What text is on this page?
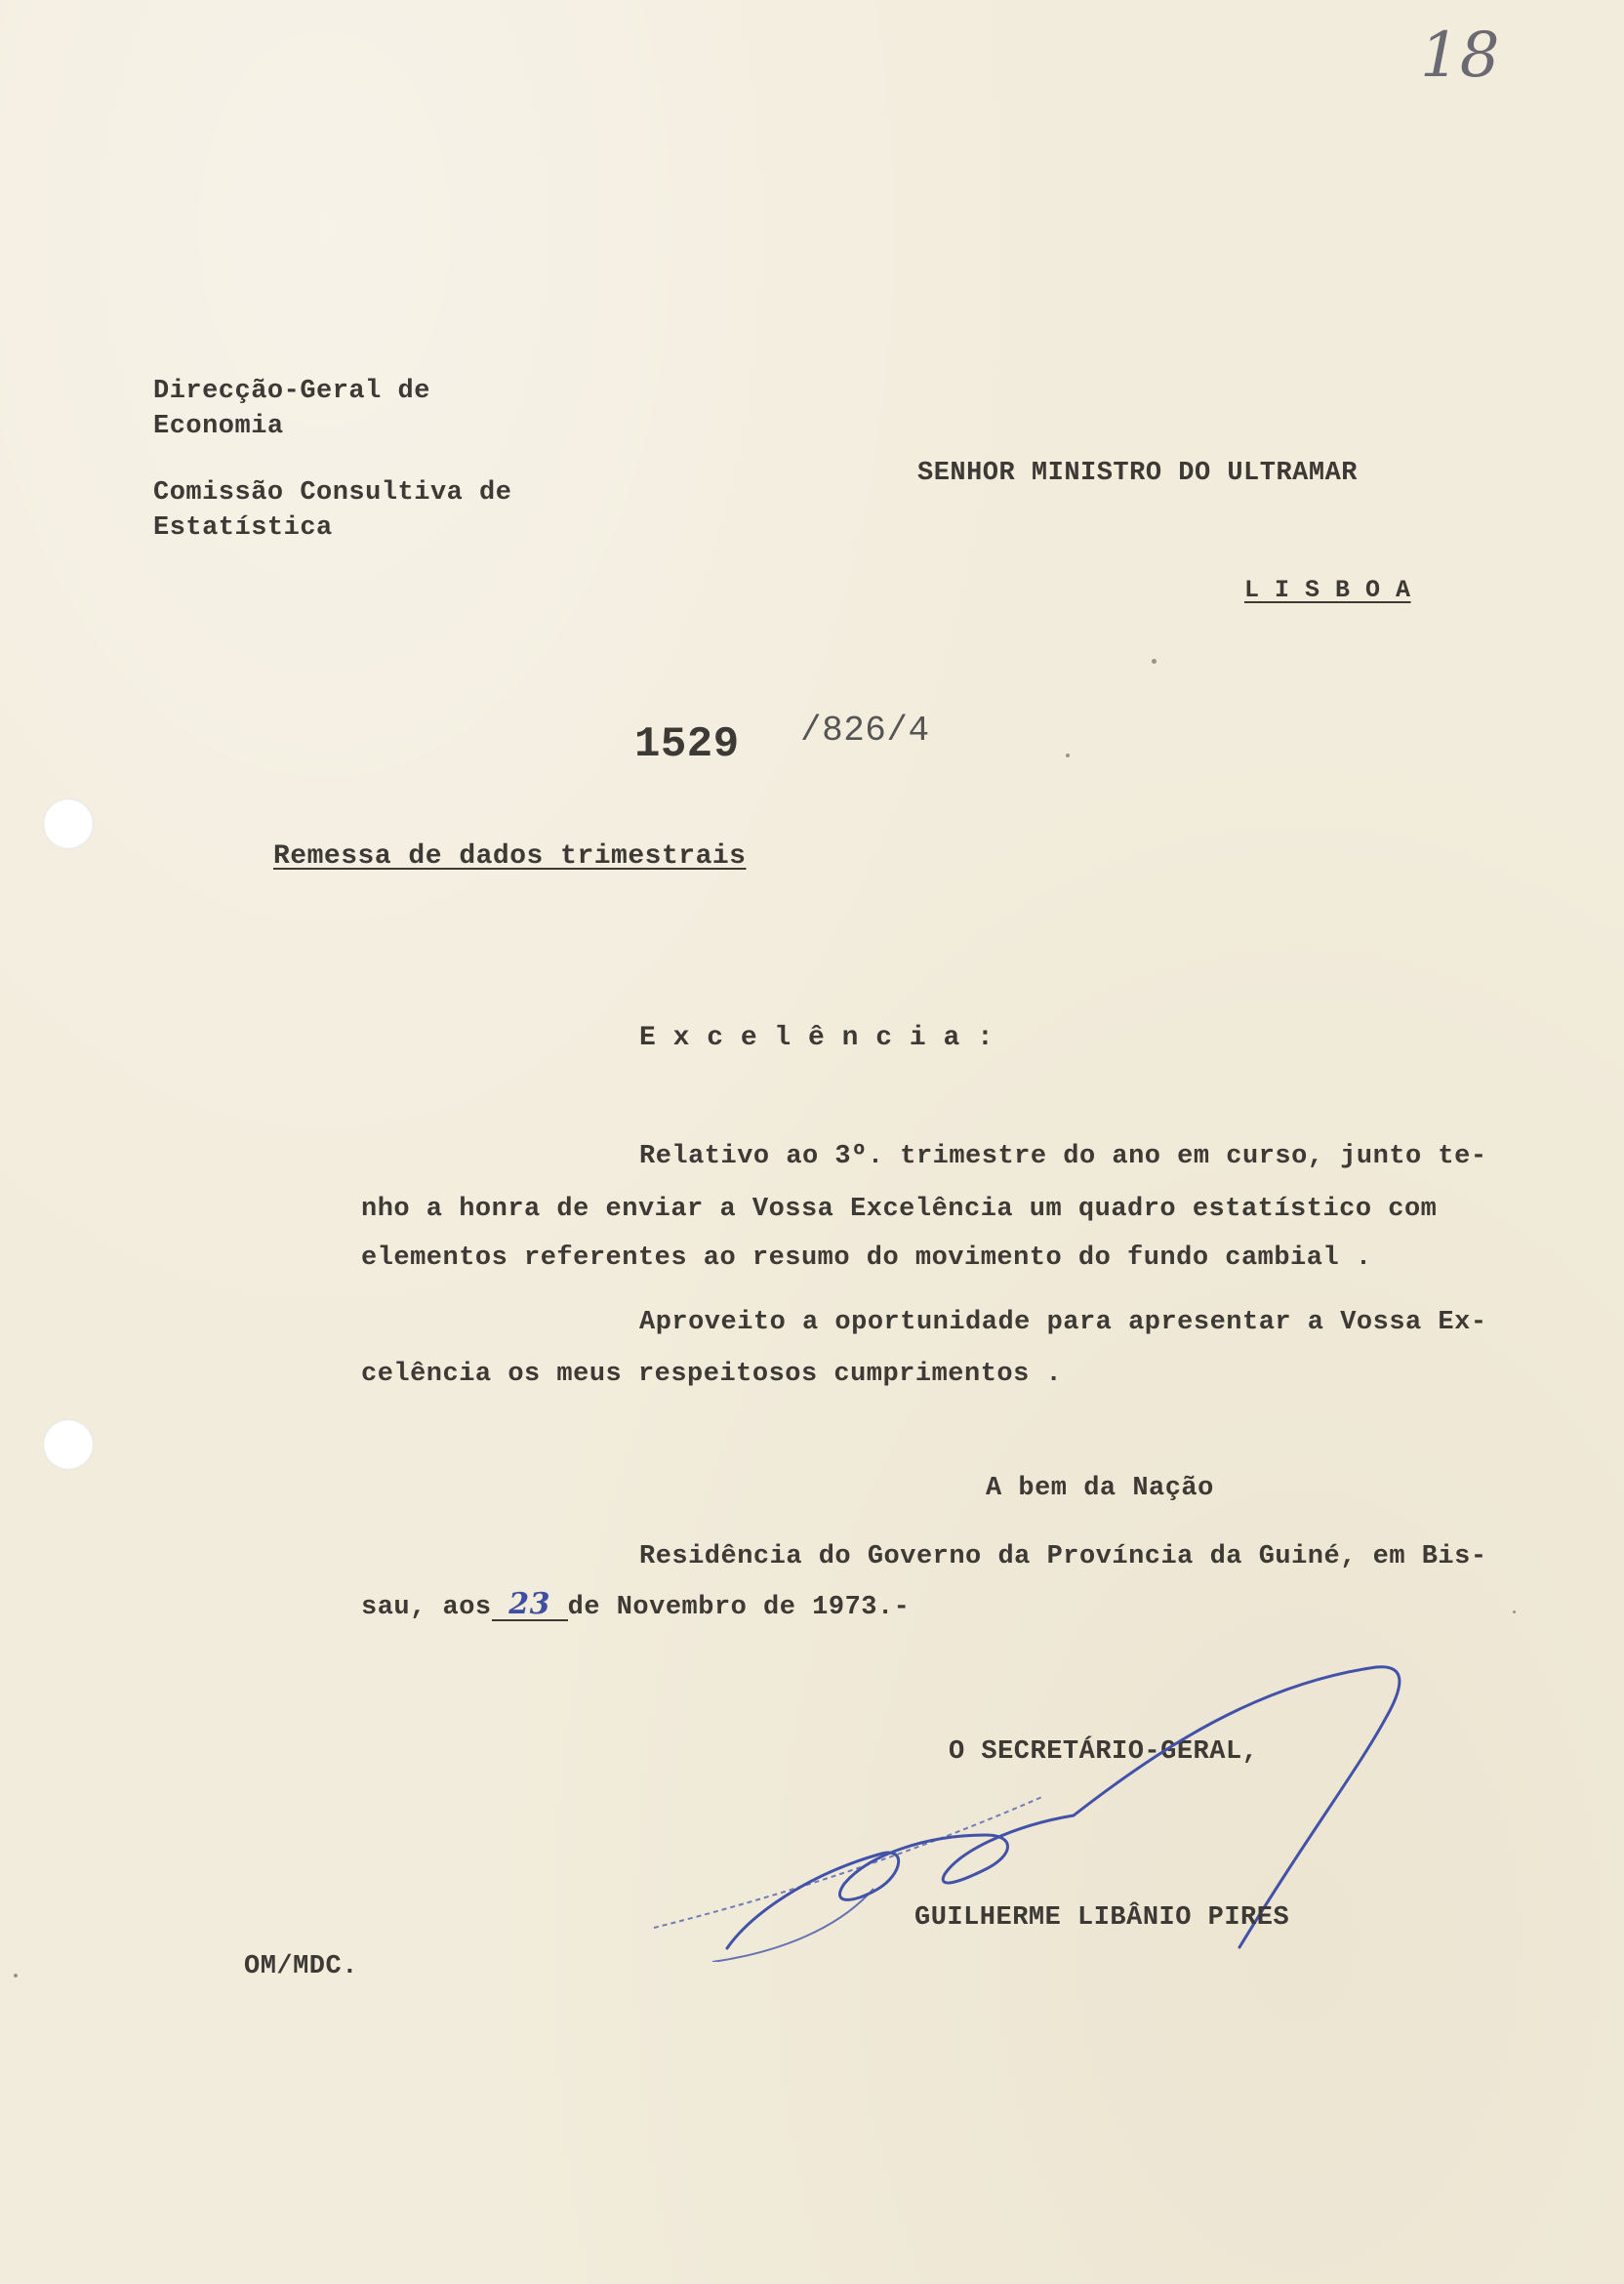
18
Direcção-Geral de
Economia
Comissão Consultiva de
Estatística
SENHOR MINISTRO DO ULTRAMAR
L I S B O A
1529 /826/4
Remessa de dados trimestrais
E x c e l ê n c i a :
Relativo ao 3º. trimestre do ano em curso, junto te-
nho a honra de enviar a Vossa Excelência um quadro estatístico com
elementos referentes ao resumo do movimento do fundo cambial .
Aproveito a oportunidade para apresentar a Vossa Ex-
celência os meus respeitosos cumprimentos .
A bem da Nação
Residência do Governo da Província da Guiné, em Bis-
sau, aos 23 de Novembro de 1973.-
O SECRETÁRIO-GERAL,
GUILHERME LIBÂNIO PIRES
OM/MDC.
